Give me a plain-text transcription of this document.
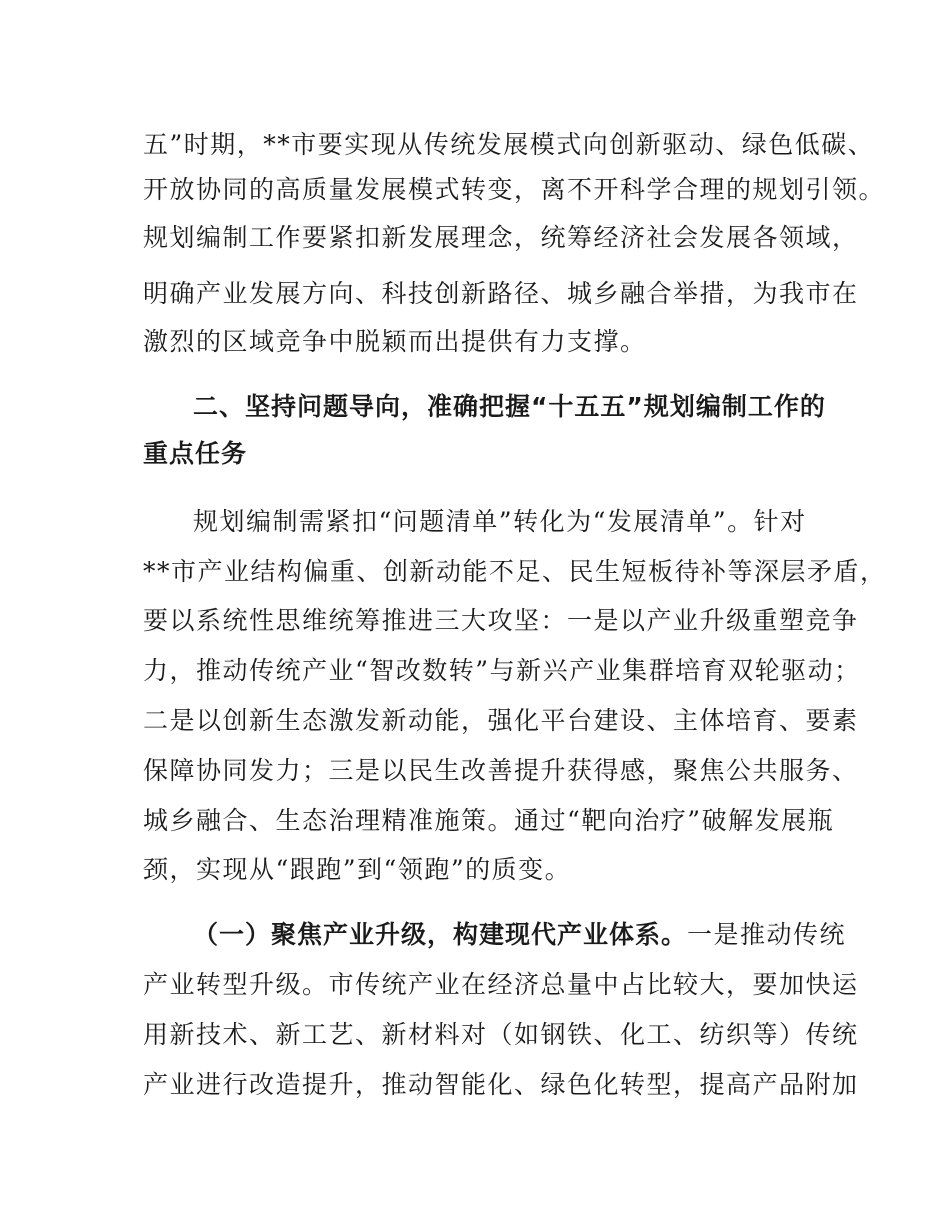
五”时期，**市要实现从传统发展模式向创新驱动、绿色低碳、
开放协同的高质量发展模式转变，离不开科学合理的规划引领。
规划编制工作要紧扣新发展理念，统筹经济社会发展各领域，
明确产业发展方向、科技创新路径、城乡融合举措，为我市在
激烈的区域竞争中脱颖而出提供有力支撑。
二、坚持问题导向，准确把握“十五五”规划编制工作的
重点任务
规划编制需紧扣“问题清单”转化为“发展清单”。针对
**市产业结构偏重、创新动能不足、民生短板待补等深层矛盾，
要以系统性思维统筹推进三大攻坚：一是以产业升级重塑竞争
力，推动传统产业“智改数转”与新兴产业集群培育双轮驱动；
二是以创新生态激发新动能，强化平台建设、主体培育、要素
保障协同发力；三是以民生改善提升获得感，聚焦公共服务、
城乡融合、生态治理精准施策。通过“靶向治疗”破解发展瓶
颈，实现从“跟跑”到“领跑”的质变。
（一）聚焦产业升级，构建现代产业体系。一是推动传统
产业转型升级。市传统产业在经济总量中占比较大，要加快运
用新技术、新工艺、新材料对（如钢铁、化工、纺织等）传统
产业进行改造提升，推动智能化、绿色化转型，提高产品附加
